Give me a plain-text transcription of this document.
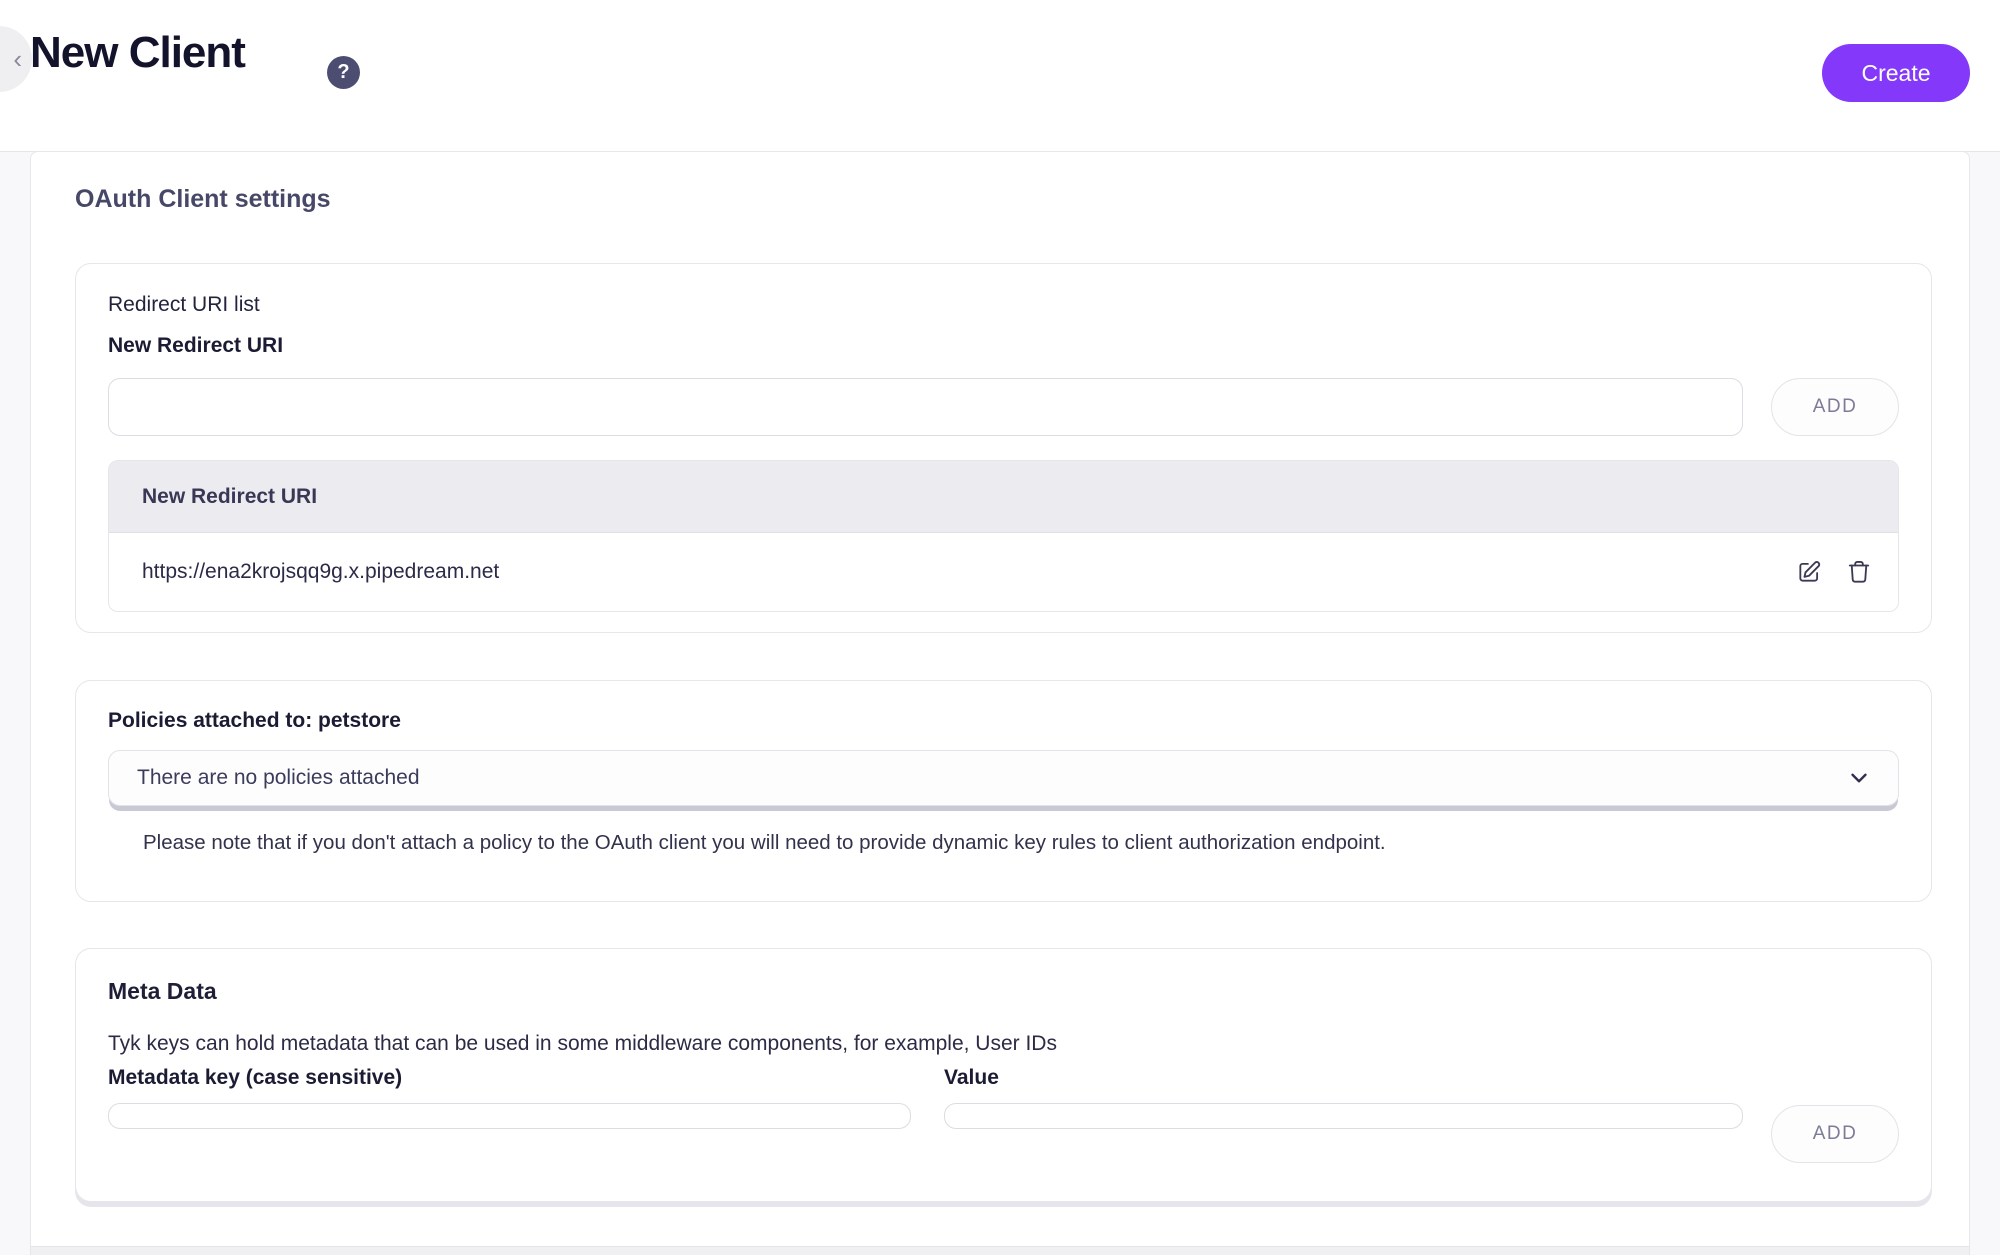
‹ New Client	?	Create
OAuth Client settings
Redirect URI list
New Redirect URI
ADD
New Redirect URI
https://ena2krojsqq9g.x.pipedream.net
Policies attached to: petstore
There are no policies attached
Please note that if you don't attach a policy to the OAuth client you will need to provide dynamic key rules to client authorization endpoint.
Meta Data
Tyk keys can hold metadata that can be used in some middleware components, for example, User IDs
Metadata key (case sensitive)	Value
ADD
